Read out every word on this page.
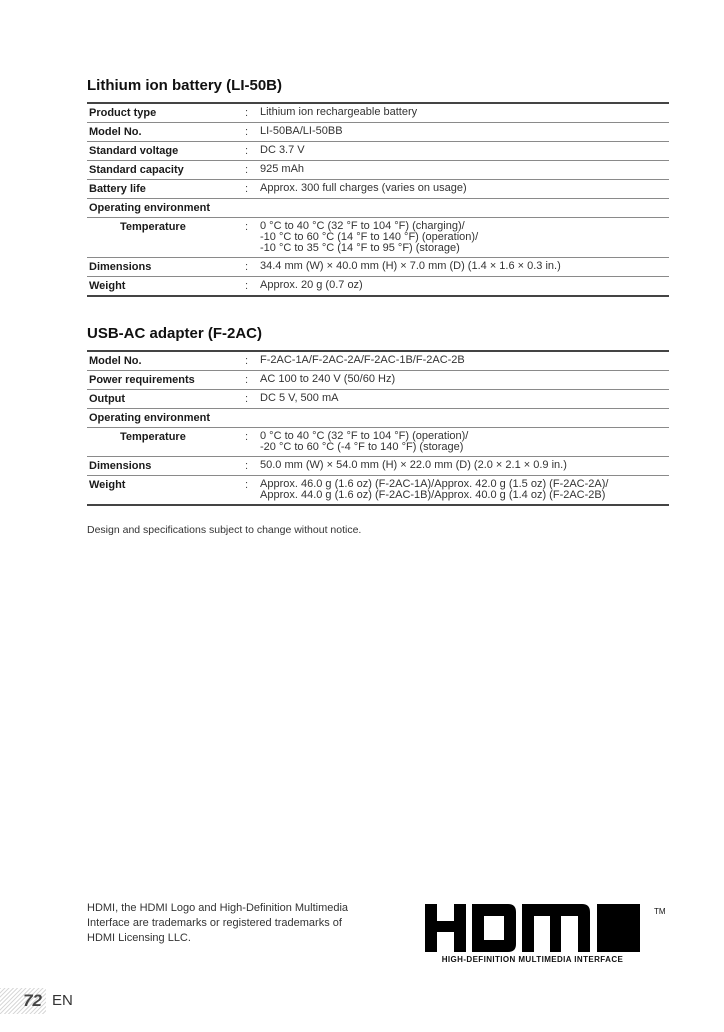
Lithium ion battery (LI-50B)
Product type	:	Lithium ion rechargeable battery
Model No.	:	LI-50BA/LI-50BB
Standard voltage	:	DC 3.7 V
Standard capacity	:	925 mAh
Battery life	:	Approx. 300 full charges (varies on usage)
Operating environment
Temperature	:	0 °C to 40 °C (32 °F to 104 °F) (charging)/
-10 °C to 60 °C (14 °F to 140 °F) (operation)/
-10 °C to 35 °C (14 °F to 95 °F) (storage)
Dimensions	:	34.4 mm (W) × 40.0 mm (H) × 7.0 mm (D) (1.4 × 1.6 × 0.3 in.)
Weight	:	Approx. 20 g (0.7 oz)
USB-AC adapter (F-2AC)
Model No.	:	F-2AC-1A/F-2AC-2A/F-2AC-1B/F-2AC-2B
Power requirements	:	AC 100 to 240 V (50/60 Hz)
Output	:	DC 5 V, 500 mA
Operating environment
Temperature	:	0 °C to 40 °C (32 °F to 104 °F) (operation)/
-20 °C to 60 °C (-4 °F to 140 °F) (storage)
Dimensions	:	50.0 mm (W) × 54.0 mm (H) × 22.0 mm (D) (2.0 × 2.1 × 0.9 in.)
Weight	:	Approx. 46.0 g (1.6 oz) (F-2AC-1A)/Approx. 42.0 g (1.5 oz) (F-2AC-2A)/
Approx. 44.0 g (1.6 oz) (F-2AC-1B)/Approx. 40.0 g (1.4 oz) (F-2AC-2B)

Design and specifications subject to change without notice.

HDMI, the HDMI Logo and High-Definition Multimedia
Interface are trademarks or registered trademarks of
HDMI Licensing LLC.
TM
HIGH-DEFINITION MULTIMEDIA INTERFACE
72 EN
